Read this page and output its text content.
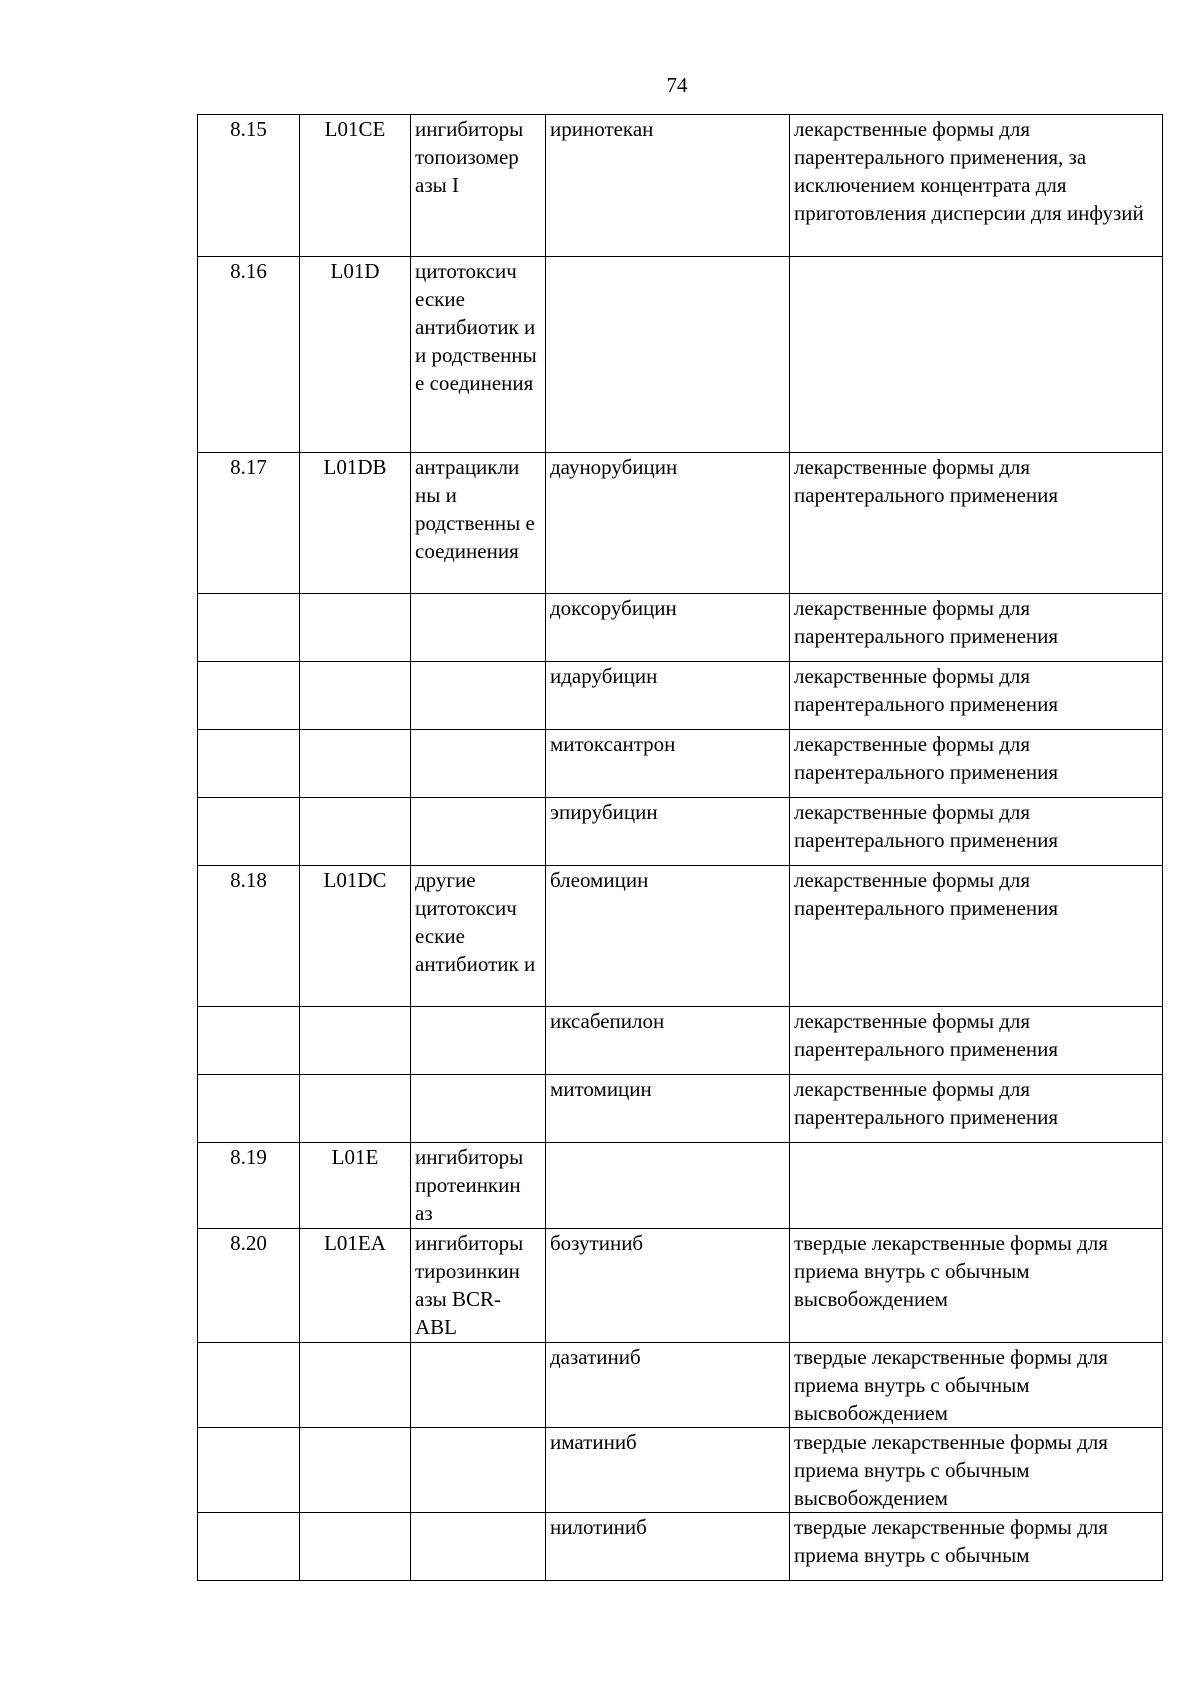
74
8.15	L01CE	ингибиторы топоизомер азы I	иринотекан	лекарственные формы для парентерального применения, за исключением концентрата для приготовления дисперсии для инфузий
8.16	L01D	цитотоксич еские антибиотик и и родственны е соединения		
8.17	L01DB	антрацикли ны и родственны е соединения	даунорубицин	лекарственные формы для парентерального применения
			доксорубицин	лекарственные формы для парентерального применения
			идарубицин	лекарственные формы для парентерального применения
			митоксантрон	лекарственные формы для парентерального применения
			эпирубицин	лекарственные формы для парентерального применения
8.18	L01DC	другие цитотоксич еские антибиотик и	блеомицин	лекарственные формы для парентерального применения
			иксабепилон	лекарственные формы для парентерального применения
			митомицин	лекарственные формы для парентерального применения
8.19	L01E	ингибиторы протеинкин аз		
8.20	L01EA	ингибиторы тирозинкин азы BCR-ABL	бозутиниб	твердые лекарственные формы для приема внутрь с обычным высвобождением
			дазатиниб	твердые лекарственные формы для приема внутрь с обычным высвобождением
			иматиниб	твердые лекарственные формы для приема внутрь с обычным высвобождением
			нилотиниб	твердые лекарственные формы для приема внутрь с обычным
